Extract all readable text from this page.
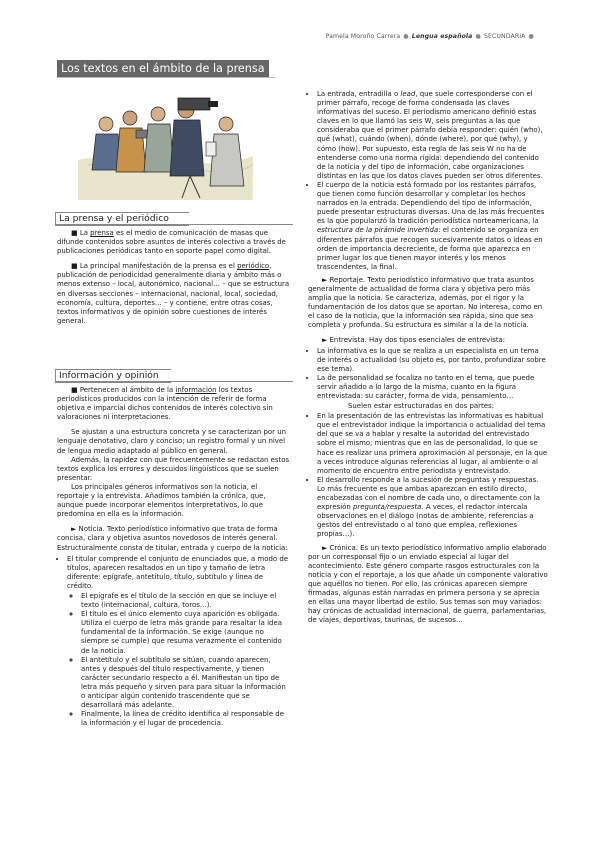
Pamela Moroño Carrera ● Lengua española ● SECUNDARIA ●
Los textos en el ámbito de la prensa
La prensa y el periódico

■ La prensa es el medio de comunicación de masas que difunde contenidos sobre asuntos de interés colectivo a través de publicaciones periódicas tanto en soporte papel como digital.

■ La principal manifestación de la prensa es el periódico, publicación de periodicidad generalmente diaria y ámbito más o menos extenso – local, autonómico, nacional… – que se estructura en diversas secciones – internacional, nacional, local, sociedad, economía, cultura, deportes… – y contiene, entre otras cosas, textos informativos y de opinión sobre cuestiones de interés general.

Información y opinión

■ Pertenecen al ámbito de la información los textos periodísticos producidos con la intención de referir de forma objetiva e imparcial dichos contenidos de interés colectivo sin valoraciones ni interpretaciones.

Se ajustan a una estructura concreta y se caracterizan por un lenguaje denotativo, claro y conciso; un registro formal y un nivel de lengua medio adaptado al público en general.

Además, la rapidez con que frecuentemente se redactan estos textos explica los errores y descuidos lingüísticos que se suelen presentar.

Los principales géneros informativos son la noticia, el reportaje y la entrevista. Añadimos también la crónica, que, aunque puede incorporar elementos interpretativos, lo que predomina en ella es la información.

► Noticia. Texto periodístico informativo que trata de forma concisa, clara y objetiva asuntos novedosos de interés general. Estructuralmente consta de titular, entrada y cuerpo de la noticia:

• El titular comprende el conjunto de enunciados que, a modo de títulos, aparecen resaltados en un tipo y tamaño de letra diferente: epígrafe, antetítulo, título, subtítulo y línea de crédito.
◦ El epígrafe es el título de la sección en que se incluye el texto (internacional, cultura, toros…).
◦ El título es el único elemento cuya aparición es obligada. Utiliza el cuerpo de letra más grande para resaltar la idea fundamental de la información. Se exige (aunque no siempre se cumple) que resuma verazmente el contenido de la noticia.
◦ El antetítulo y el subtítulo se sitúan, cuando aparecen, antes y después del título respectivamente, y tienen carácter secundario respecto a él. Manifiestan un tipo de letra más pequeño y sirven para para situar la información o anticipar algún contenido trascendente que se desarrollará más adelante.
◦ Finalmente, la línea de crédito identifica al responsable de la información y el lugar de procedencia.
• La entrada, entradilla o lead, que suele corresponderse con el primer párrafo, recoge de forma condensada las claves informativas del suceso. El periodismo americano definió estas claves en lo que llamó las seis W, seis preguntas a las que consideraba que el primer párrafo debía responder: quién (who), qué (what), cuándo (when), dónde (where), por qué (why), y cómo (how). Por supuesto, esta regla de las seis W no ha de entenderse como una norma rígida: dependiendo del contenido de la noticia y del tipo de información, cabe organizaciones distintas en las que los datos claves pueden ser otros diferentes.
• El cuerpo de la noticia está formado por los restantes párrafos, que tienen como función desarrollar y completar los hechos narrados en la entrada. Dependiendo del tipo de información, puede presentar estructuras diversas. Una de las más frecuentes es la que popularizó la tradición periodística norteamericana, la estructura de la pirámide invertida: el contenido se organiza en diferentes párrafos que recogen sucesivamente datos o ideas en orden de importancia decreciente, de forma que aparezca en primer lugar los que tienen mayor interés y los menos trascendentes, la final.

► Reportaje. Texto periodístico informativo que trata asuntos generalmente de actualidad de forma clara y objetiva pero más amplia que la noticia. Se caracteriza, además, por el rigor y la fundamentación de los datos que se aportan. No interesa, como en el caso de la noticia, que la información sea rápida, sino que sea completa y profunda. Su estructura es similar a la de la noticia.

► Entrevista. Hay dos tipos esenciales de entrevista:

• La informativa es la que se realiza a un especialista en un tema de interés o actualidad (su objeto es, por tanto, profundizar sobre ese tema).
• La de personalidad se focaliza no tanto en el tema, que puede servir añadido a lo largo de la misma, cuanto en la figura entrevistada: su carácter, forma de vida, pensamiento…

Suelen estar estructuradas en dos partes:

• En la presentación de las entrevistas las informativas es habitual que el entrevistador indique la importancia o actualidad del tema del que se va a hablar y resalte la autoridad del entrevistado sobre el mismo; mientras que en las de personalidad, lo que se hace es realizar una primera aproximación al personaje, en la que a veces introduce algunas referencias al lugar, al ambiente o al momento de encuentro entre periodista y entrevistado.
• El desarrollo responde a la sucesión de preguntas y respuestas. Lo más frecuente es que ambas aparezcan en estilo directo, encabezadas con el nombre de cada uno, o directamente con la expresión pregunta/respuesta. A veces, el redactor intercala observaciones en el diálogo (notas de ambiente, referencias a gestos del entrevistado o al tono que emplea, reflexiones propias…).

► Crónica. Es un texto periodístico informativo amplio elaborado por un corresponsal fijo o un enviado especial al lugar del acontecimiento. Este género comparte rasgos estructurales con la noticia y con el reportaje, a los que añade un componente valorativo que aquéllos no tienen. Por ello, las crónicas aparecen siempre firmadas, algunas están narradas en primera persona y se aprecia en ellas una mayor libertad de estilo. Sus temas son muy variados: hay crónicas de actualidad internacional, de guerra, parlamentarias, de viajes, deportivas, taurinas, de sucesos…
